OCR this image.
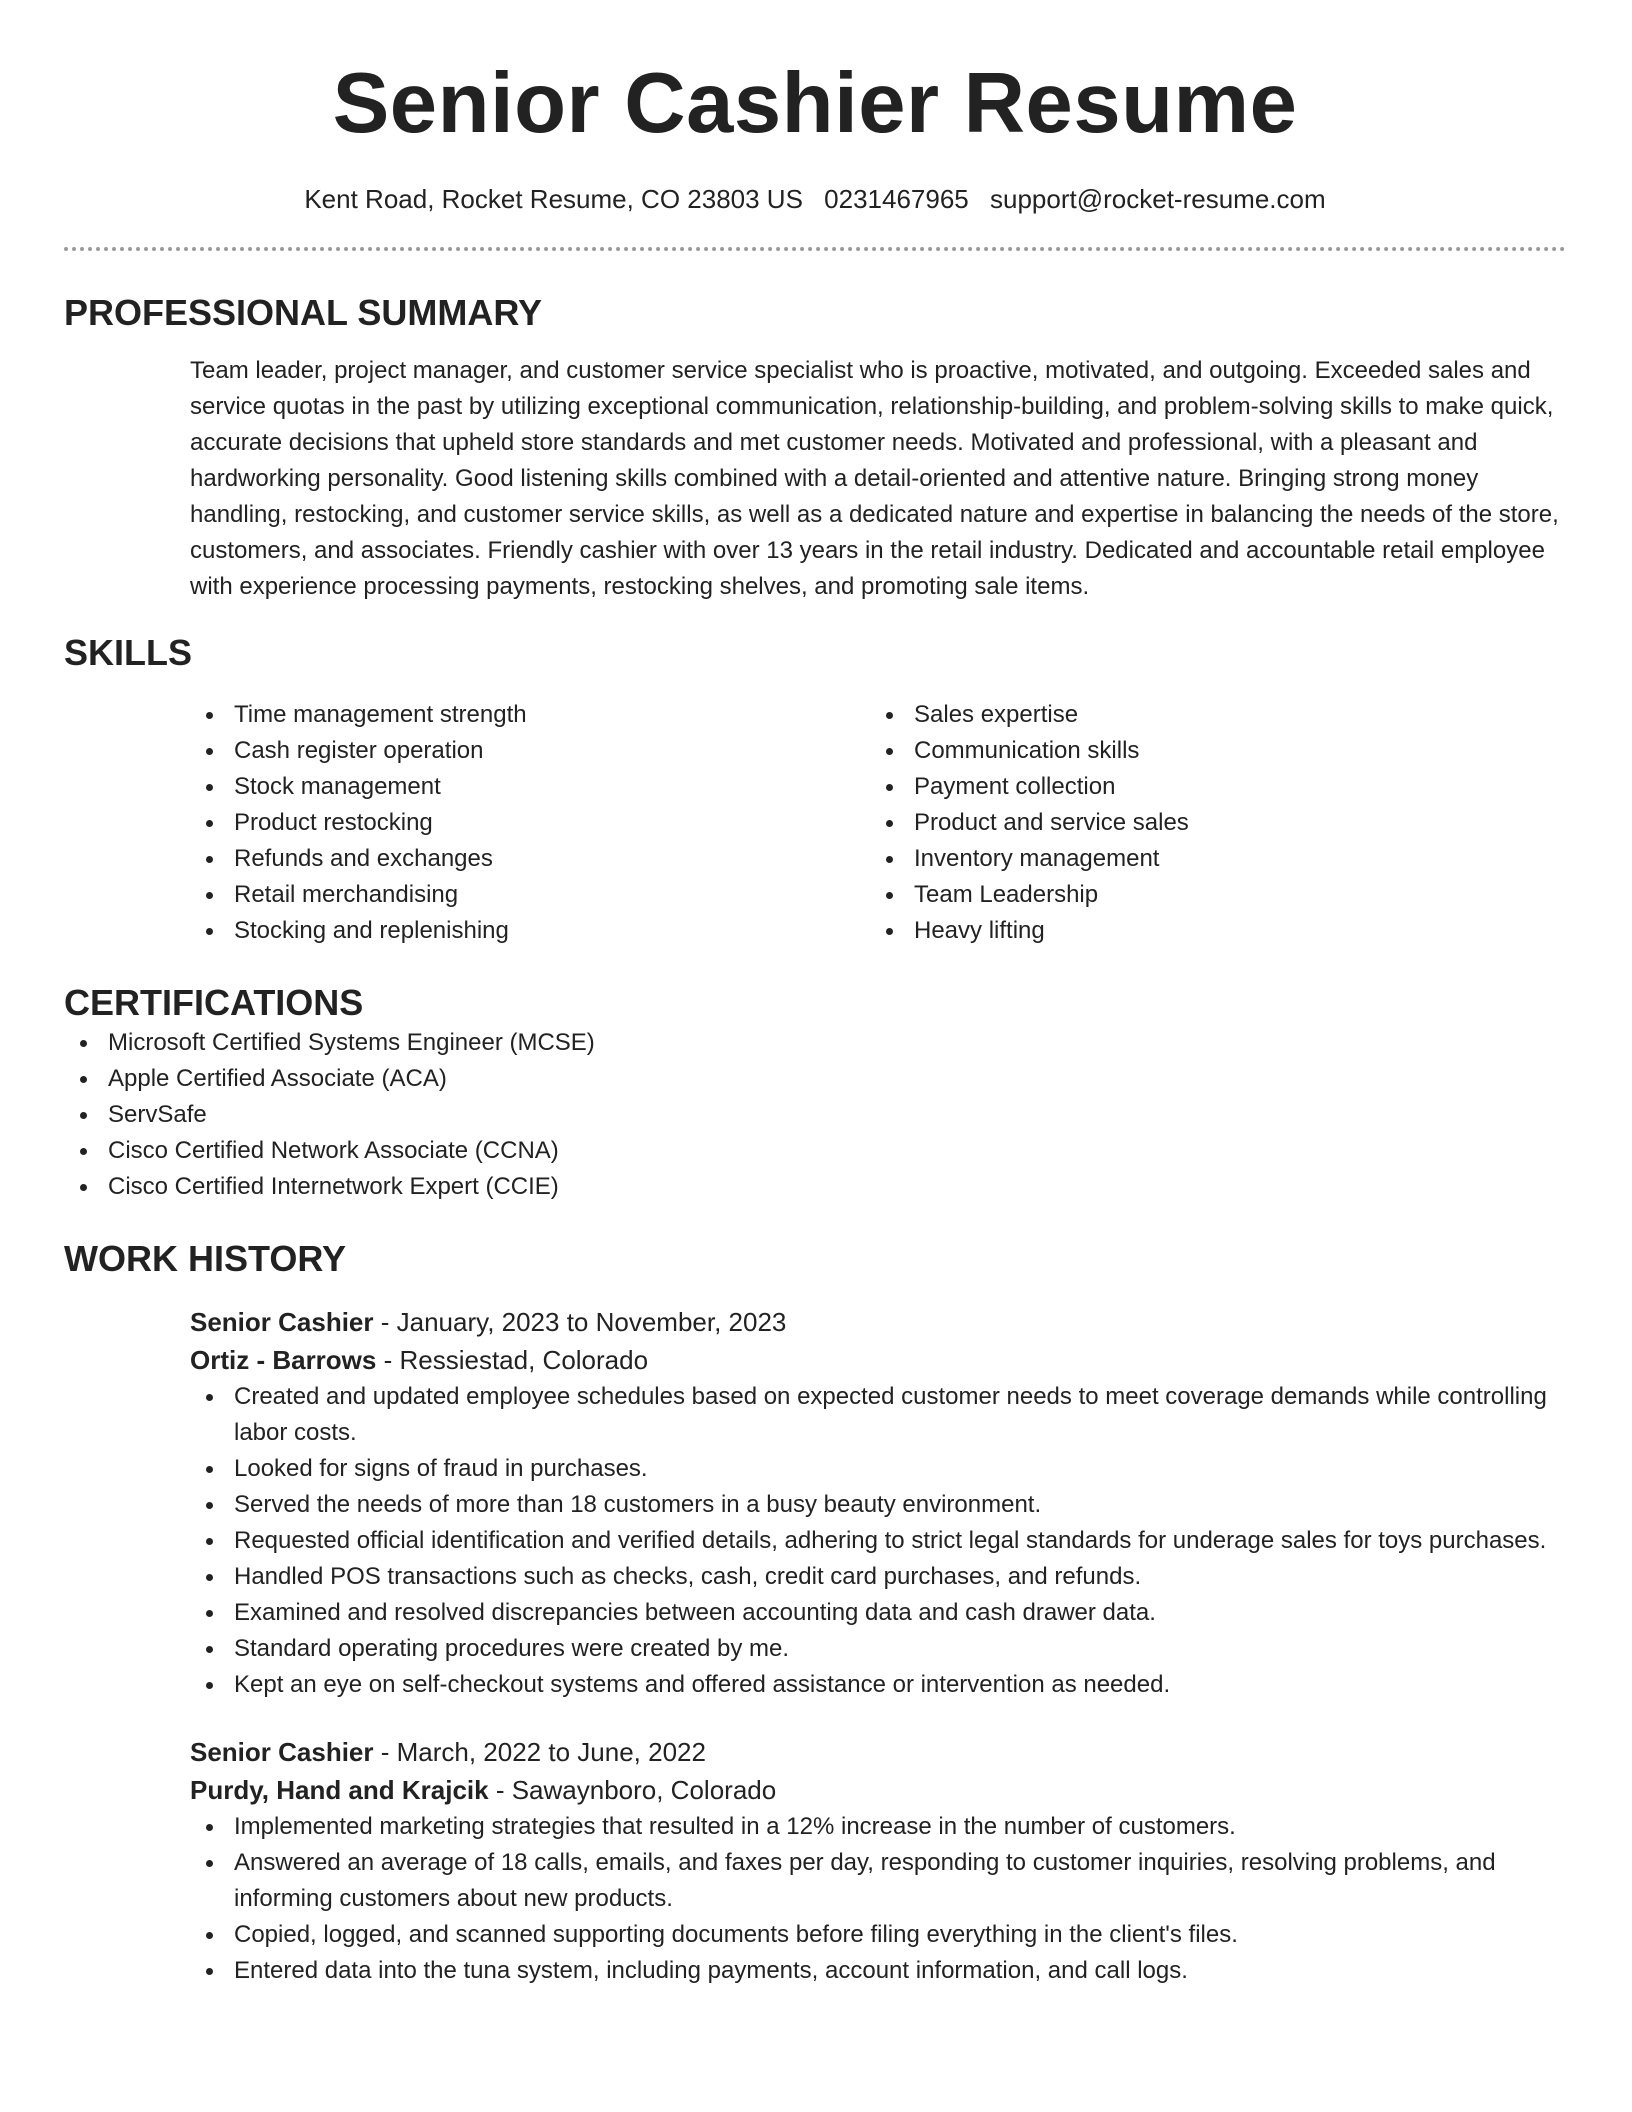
Senior Cashier Resume
Kent Road, Rocket Resume, CO 23803 US 0231467965 support@rocket-resume.com
PROFESSIONAL SUMMARY

Team leader, project manager, and customer service specialist who is proactive, motivated, and outgoing. Exceeded sales and service quotas in the past by utilizing exceptional communication, relationship-building, and problem-solving skills to make quick, accurate decisions that upheld store standards and met customer needs. Motivated and professional, with a pleasant and hardworking personality. Good listening skills combined with a detail-oriented and attentive nature. Bringing strong money handling, restocking, and customer service skills, as well as a dedicated nature and expertise in balancing the needs of the store, customers, and associates. Friendly cashier with over 13 years in the retail industry. Dedicated and accountable retail employee with experience processing payments, restocking shelves, and promoting sale items.

SKILLS
Time management strength
Cash register operation
Stock management
Product restocking
Refunds and exchanges
Retail merchandising
Stocking and replenishing
Sales expertise
Communication skills
Payment collection
Product and service sales
Inventory management
Team Leadership
Heavy lifting
CERTIFICATIONS
Microsoft Certified Systems Engineer (MCSE)
Apple Certified Associate (ACA)
ServSafe
Cisco Certified Network Associate (CCNA)
Cisco Certified Internetwork Expert (CCIE)
WORK HISTORY
Senior Cashier - January, 2023 to November, 2023
Ortiz - Barrows - Ressiestad, Colorado
Created and updated employee schedules based on expected customer needs to meet coverage demands while controlling labor costs.
Looked for signs of fraud in purchases.
Served the needs of more than 18 customers in a busy beauty environment.
Requested official identification and verified details, adhering to strict legal standards for underage sales for toys purchases.
Handled POS transactions such as checks, cash, credit card purchases, and refunds.
Examined and resolved discrepancies between accounting data and cash drawer data.
Standard operating procedures were created by me.
Kept an eye on self-checkout systems and offered assistance or intervention as needed.
Senior Cashier - March, 2022 to June, 2022
Purdy, Hand and Krajcik - Sawaynboro, Colorado
Implemented marketing strategies that resulted in a 12% increase in the number of customers.
Answered an average of 18 calls, emails, and faxes per day, responding to customer inquiries, resolving problems, and informing customers about new products.
Copied, logged, and scanned supporting documents before filing everything in the client's files.
Entered data into the tuna system, including payments, account information, and call logs.
